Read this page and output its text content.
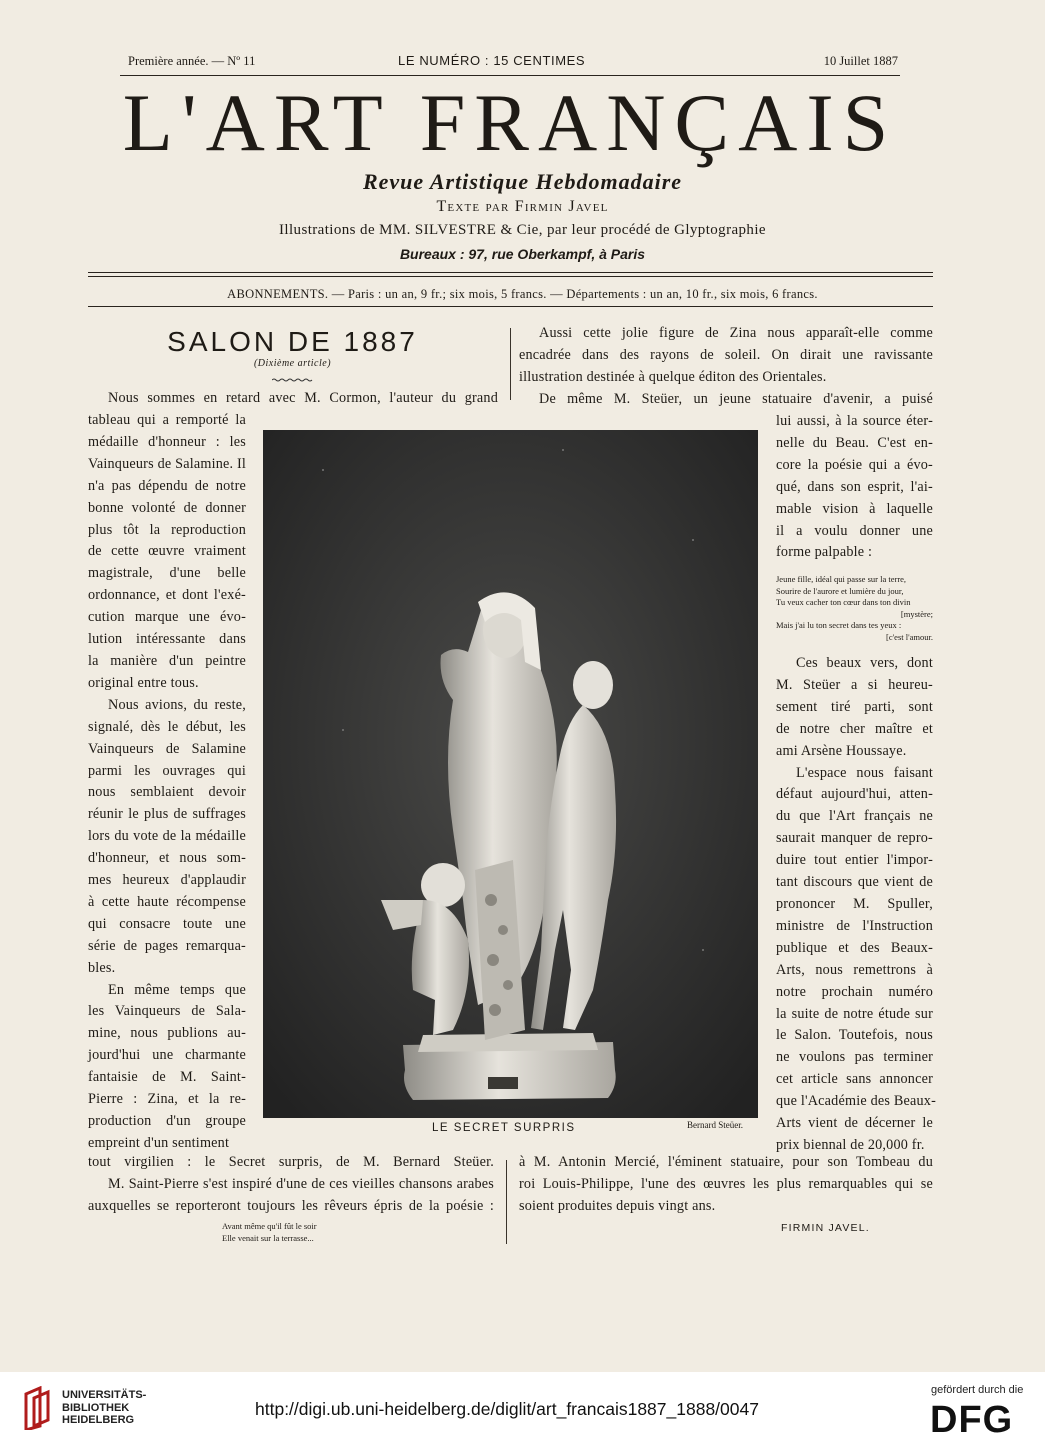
Première année. — Nº 11	LE NUMÉRO : 15 CENTIMES	10 Juillet 1887
L'ART FRANÇAIS
Revue Artistique Hebdomadaire
Texte par Firmin Javel
Illustrations de MM. SILVESTRE & Cie, par leur procédé de Glyptographie
Bureaux : 97, rue Oberkampf, à Paris
ABONNEMENTS. — Paris : un an, 9 fr.; six mois, 5 francs. — Départements : un an, 10 fr., six mois, 6 francs.
SALON DE 1887
(Dixième article)
Nous sommes en retard avec M. Cormon, l'auteur du grand
tableau qui a remporté la
médaille d'honneur : les
Vainqueurs de Salamine. Il
n'a pas dépendu de notre
bonne volonté de donner
plus tôt la reproduction
de cette œuvre vraiment
magistrale, d'une belle
ordonnance, et dont l'exé-
cution marque une évo-
lution intéressante dans
la manière d'un peintre
original entre tous.
Nous avions, du reste,
signalé, dès le début, les
Vainqueurs de Salamine
parmi les ouvrages qui
nous semblaient devoir
réunir le plus de suffrages
lors du vote de la médaille
d'honneur, et nous som-
mes heureux d'applaudir
à cette haute récompense
qui consacre toute une
série de pages remarqua-
bles.
En même temps que
les Vainqueurs de Sala-
mine, nous publions au-
jourd'hui une charmante
fantaisie de M. Saint-
Pierre : Zina, et la re-
production d'un groupe
empreint d'un sentiment
tout virgilien : le Secret surpris, de M. Bernard Steüer.
M. Saint-Pierre s'est inspiré d'une de ces vieilles chansons arabes
auxquelles se reporteront toujours les rêveurs épris de la poésie :
Avant même qu'il fût le soir
Elle venait sur la terrasse...
Aussi cette jolie figure de Zina nous apparaît-elle comme
encadrée dans des rayons de soleil. On dirait une ravissante
illustration destinée à quelque éditon des Orientales.
De même M. Steüer, un jeune statuaire d'avenir, a puisé
lui aussi, à la source éter-
nelle du Beau. C'est en-
core la poésie qui a évo-
qué, dans son esprit, l'ai-
mable vision à laquelle
il a voulu donner une
forme palpable :
Jeune fille, idéal qui passe sur la terre,
Sourire de l'aurore et lumière du jour,
Tu veux cacher ton cœur dans ton divin
[mystère;
Mais j'ai lu ton secret dans tes yeux :
[c'est l'amour.
Ces beaux vers, dont
M. Steüer a si heureu-
sement tiré parti, sont
de notre cher maître et
ami Arsène Houssaye.
L'espace nous faisant
défaut aujourd'hui, atten-
du que l'Art français ne
saurait manquer de repro-
duire tout entier l'impor-
tant discours que vient de
prononcer M. Spuller,
ministre de l'Instruction
publique et des Beaux-
Arts, nous remettrons à
notre prochain numéro
la suite de notre étude sur
le Salon. Toutefois, nous
ne voulons pas terminer
cet article sans annoncer
que l'Académie des Beaux-
Arts vient de décerner le
prix biennal de 20,000 fr.
à M. Antonin Mercié, l'éminent statuaire, pour son Tombeau du
roi Louis-Philippe, l'une des œuvres les plus remarquables qui se
soient produites depuis vingt ans.
FIRMIN JAVEL.
LE SECRET SURPRIS	Bernard Steüer.
UNIVERSITÄTS-
BIBLIOTHEK
HEIDELBERG
http://digi.ub.uni-heidelberg.de/diglit/art_francais1887_1888/0047
gefördert durch die
DFG
